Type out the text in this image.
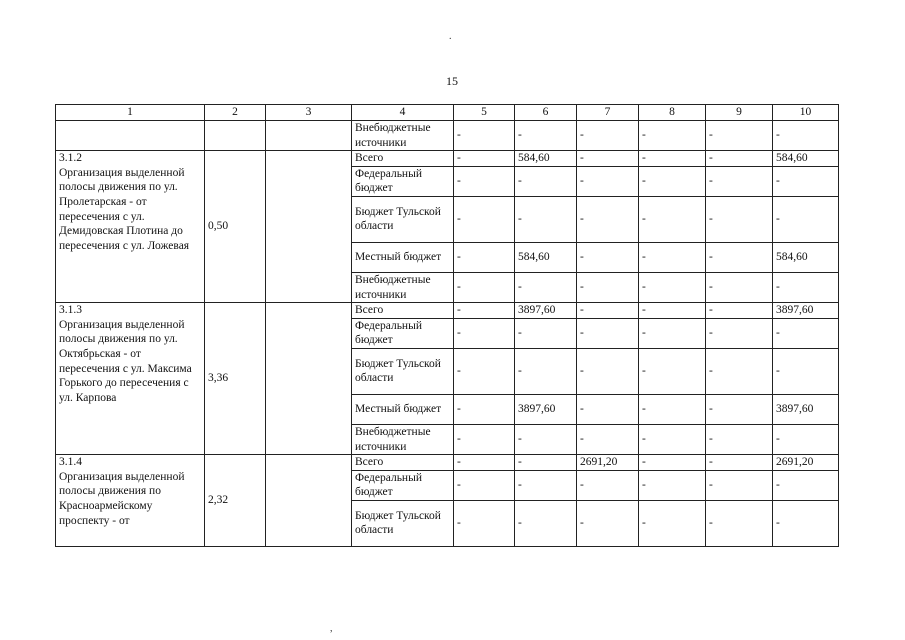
.
,
15
1	2	3	4	5	6	7	8	9	10
			Внебюджетные источники	-	-	-	-	-	-
3.1.2
Организация выделенной полосы движения по ул. Пролетарская - от пересечения с ул. Демидовская Плотина до пересечения с ул. Ложевая	0,50		Всего	-	584,60	-	-	-	584,60
			Федеральный бюджет	-	-	-	-	-	-
			Бюджет Тульской области	-	-	-	-	-	-
			Местный бюджет	-	584,60	-	-	-	584,60
			Внебюджетные источники	-	-	-	-	-	-
3.1.3
Организация выделенной полосы движения по ул. Октябрьская - от пересечения с ул. Максима Горького до пересечения с ул. Карпова	3,36		Всего	-	3897,60	-	-	-	3897,60
			Федеральный бюджет	-	-	-	-	-	-
			Бюджет Тульской области	-	-	-	-	-	-
			Местный бюджет	-	3897,60	-	-	-	3897,60
			Внебюджетные источники	-	-	-	-	-	-
3.1.4
Организация выделенной полосы движения по Красноармейскому проспекту - от	2,32		Всего	-	-	2691,20	-	-	2691,20
			Федеральный бюджет	-	-	-	-	-	-
			Бюджет Тульской области	-	-	-	-	-	-
